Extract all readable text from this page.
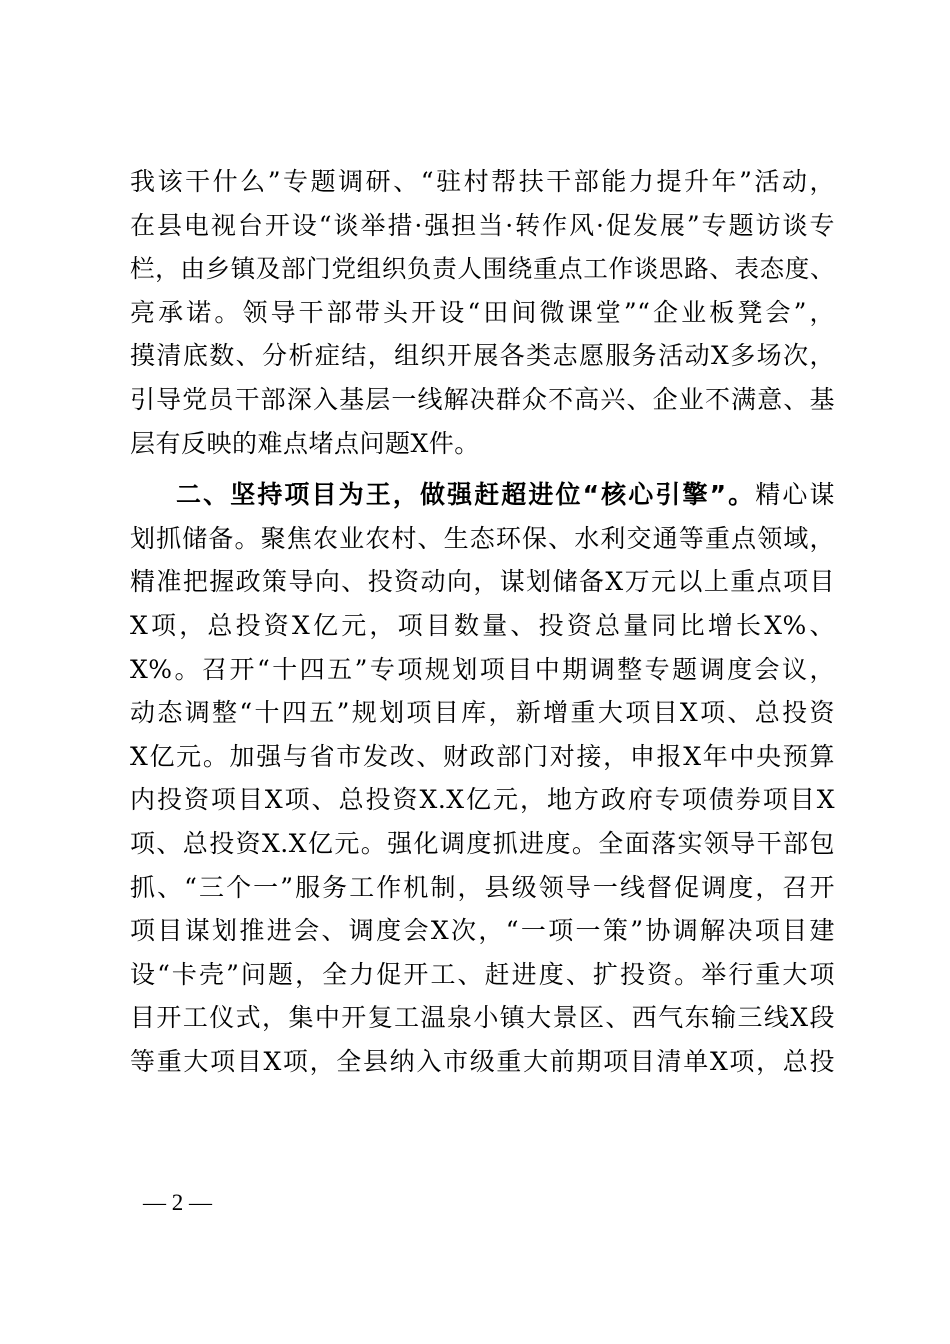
我该干什么”专题调研、“驻村帮扶干部能力提升年”活动，
在县电视台开设“谈举措·强担当·转作风·促发展”专题访谈专
栏，由乡镇及部门党组织负责人围绕重点工作谈思路、表态度、
亮承诺。领导干部带头开设“田间微课堂”“企业板凳会”，
摸清底数、分析症结，组织开展各类志愿服务活动X多场次，
引导党员干部深入基层一线解决群众不高兴、企业不满意、基
层有反映的难点堵点问题X件。
二、坚持项目为王，做强赶超进位“核心引擎”。精心谋
划抓储备。聚焦农业农村、生态环保、水利交通等重点领域，
精准把握政策导向、投资动向，谋划储备X万元以上重点项目
X项，总投资X亿元，项目数量、投资总量同比增长X%、
X%。召开“十四五”专项规划项目中期调整专题调度会议，
动态调整“十四五”规划项目库，新增重大项目X项、总投资
X亿元。加强与省市发改、财政部门对接，申报X年中央预算
内投资项目X项、总投资X.X亿元，地方政府专项债券项目X
项、总投资X.X亿元。强化调度抓进度。全面落实领导干部包
抓、“三个一”服务工作机制，县级领导一线督促调度，召开
项目谋划推进会、调度会X次，“一项一策”协调解决项目建
设“卡壳”问题，全力促开工、赶进度、扩投资。举行重大项
目开工仪式，集中开复工温泉小镇大景区、西气东输三线X段
等重大项目X项，全县纳入市级重大前期项目清单X项，总投
— 2 —
